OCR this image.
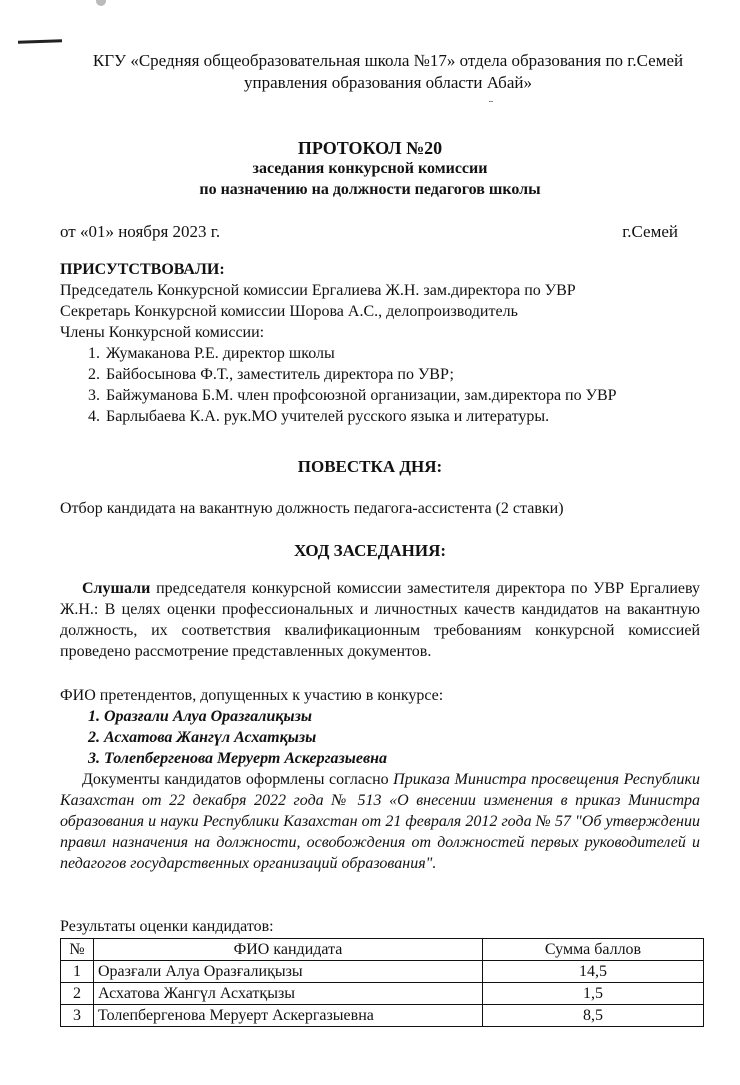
КГУ «Средняя общеобразовательная школа №17» отдела образования по г.Семей
управления образования области Абай»
¨
ПРОТОКОЛ №20
заседания конкурсной комиссии
по назначению на должности педагогов школы
от «01» ноября 2023 г.	г.Семей
ПРИСУТСТВОВАЛИ:
Председатель Конкурсной комиссии Ергалиева Ж.Н. зам.директора по УВР
Секретарь Конкурсной комиссии Шорова А.С., делопроизводитель
Члены Конкурсной комиссии:
1. Жумаканова Р.Е. директор школы
2. Байбосынова Ф.Т., заместитель директора по УВР;
3. Байжуманова Б.М. член профсоюзной организации, зам.директора по УВР
4. Барлыбаева К.А. рук.МО учителей русского языка и литературы.
ПОВЕСТКА ДНЯ:
Отбор кандидата на вакантную должность педагога-ассистента (2 ставки)
ХОД ЗАСЕДАНИЯ:
Слушали председателя конкурсной комиссии заместителя директора по УВР Ергалиеву Ж.Н.: В целях оценки профессиональных и личностных качеств кандидатов на вакантную должность, их соответствия квалификационным требованиям конкурсной комиссией проведено рассмотрение представленных документов.
ФИО претендентов, допущенных к участию в конкурсе:
1. Оразғали Алуа Оразғалиқызы
2. Асхатова Жангүл Асхатқызы
3. Толепбергенова Меруерт Аскергазыевна
Документы кандидатов оформлены согласно Приказа Министра просвещения Республики Казахстан от 22 декабря 2022 года № 513 «О внесении изменения в приказ Министра образования и науки Республики Казахстан от 21 февраля 2012 года № 57 "Об утверждении правил назначения на должности, освобождения от должностей первых руководителей и педагогов государственных организаций образования".
Результаты оценки кандидатов:
№	ФИО кандидата	Сумма баллов
1	Оразғали Алуа Оразғалиқызы	14,5
2	Асхатова Жангүл Асхатқызы	1,5
3	Толепбергенова Меруерт Аскергазыевна	8,5
